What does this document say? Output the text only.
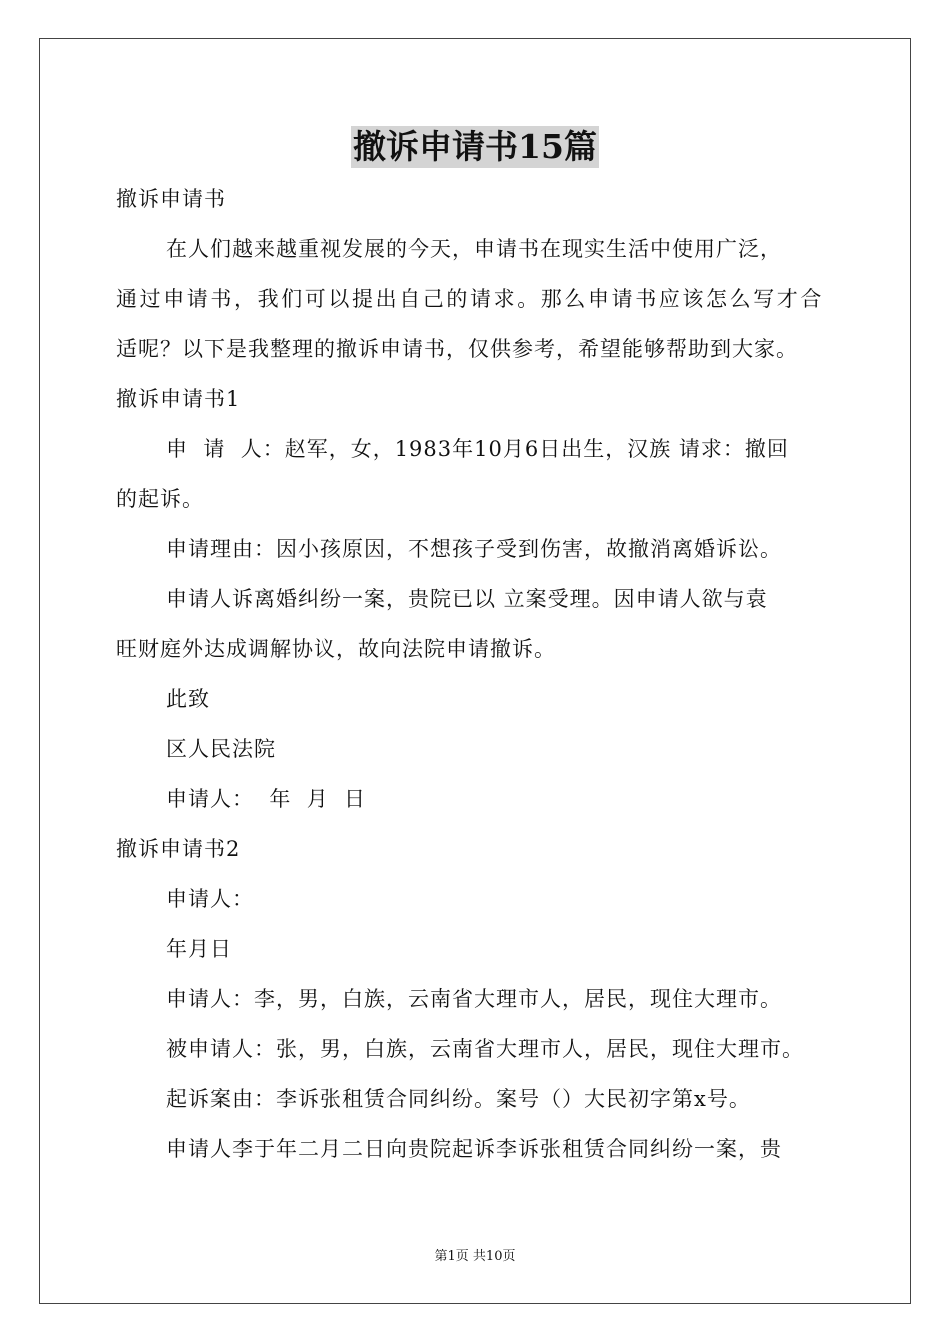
撤诉申请书15篇
撤诉申请书
在人们越来越重视发展的今天，申请书在现实生活中使用广泛，
通过申请书，我们可以提出自己的请求。那么申请书应该怎么写才合
适呢？以下是我整理的撤诉申请书，仅供参考，希望能够帮助到大家。
撤诉申请书1
申  请  人：赵军，女，1983年10月6日出生，汉族 请求：撤回
的起诉。
申请理由：因小孩原因，不想孩子受到伤害，故撤消离婚诉讼。
申请人诉离婚纠纷一案，贵院已以 立案受理。因申请人欲与袁
旺财庭外达成调解协议，故向法院申请撤诉。
此致
区人民法院
申请人：  年  月  日
撤诉申请书2
申请人：
年月日
申请人：李，男，白族，云南省大理市人，居民，现住大理市。
被申请人：张，男，白族，云南省大理市人，居民，现住大理市。
起诉案由：李诉张租赁合同纠纷。案号（）大民初字第x号。
申请人李于年二月二日向贵院起诉李诉张租赁合同纠纷一案，贵
第1页 共10页
